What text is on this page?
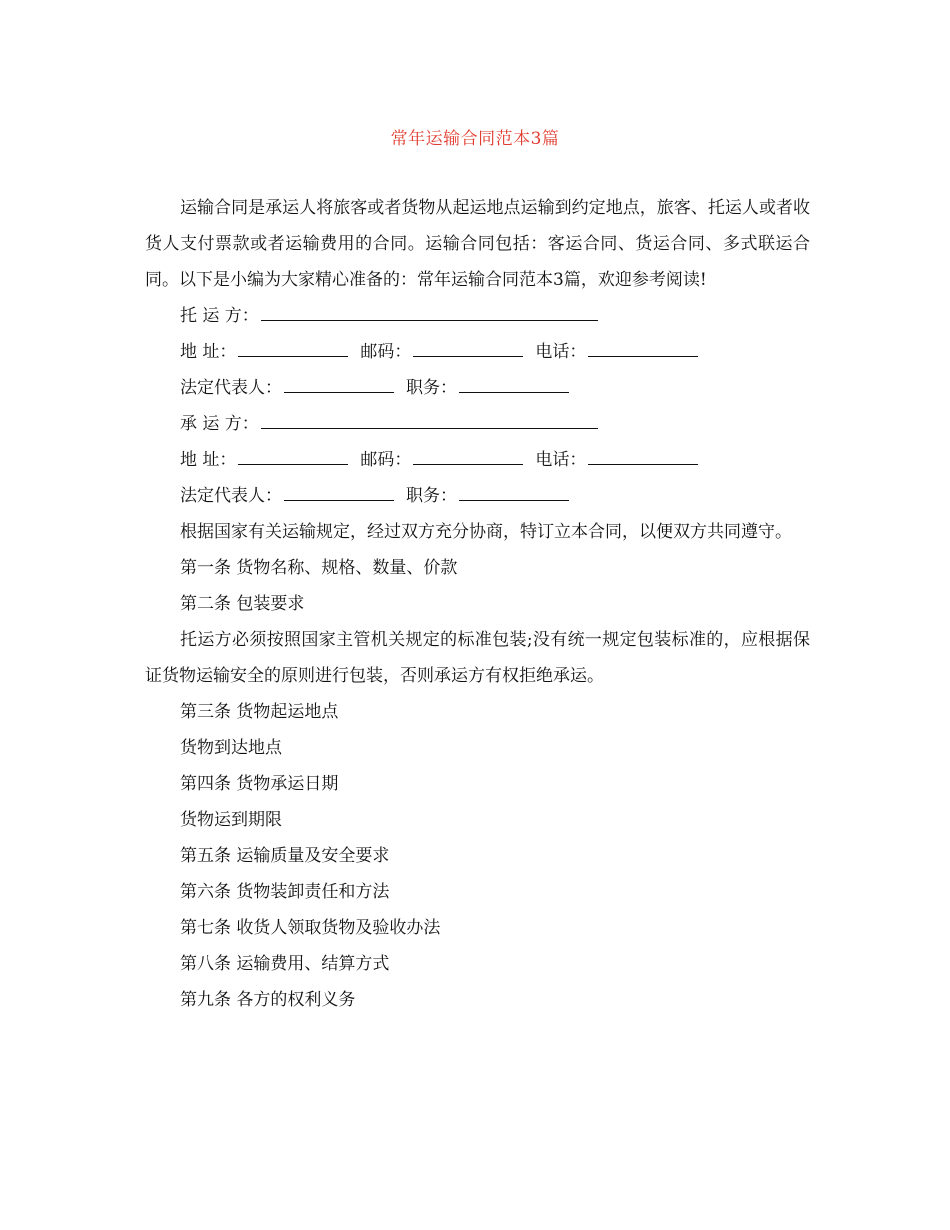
常年运输合同范本3篇

运输合同是承运人将旅客或者货物从起运地点运输到约定地点，旅客、托运人或者收货人支付票款或者运输费用的合同。运输合同包括：客运合同、货运合同、多式联运合同。以下是小编为大家精心准备的：常年运输合同范本3篇，欢迎参考阅读!

托 运 方：
地 址：	邮码：	电话：
法定代表人：	职务：
承 运 方：
地 址：	邮码：	电话：
法定代表人：	职务：

根据国家有关运输规定，经过双方充分协商，特订立本合同，以便双方共同遵守。

第一条 货物名称、规格、数量、价款
第二条 包装要求

托运方必须按照国家主管机关规定的标准包装;没有统一规定包装标准的，应根据保证货物运输安全的原则进行包装，否则承运方有权拒绝承运。

第三条 货物起运地点
货物到达地点
第四条 货物承运日期
货物运到期限
第五条 运输质量及安全要求
第六条 货物装卸责任和方法
第七条 收货人领取货物及验收办法
第八条 运输费用、结算方式
第九条 各方的权利义务
